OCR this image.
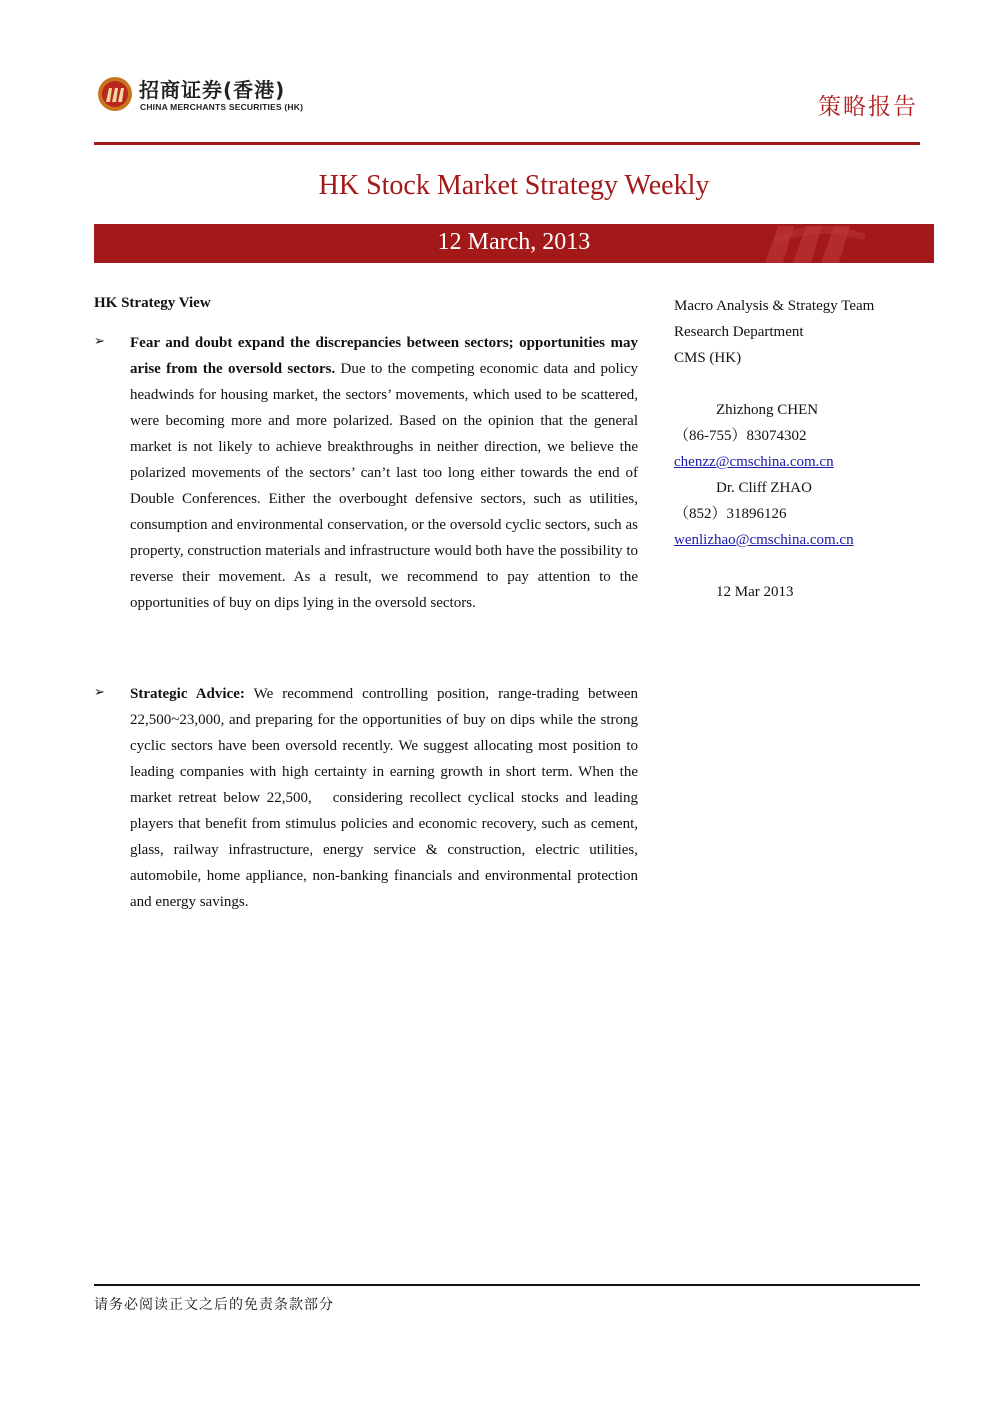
招商证券(香港)
CHINA MERCHANTS SECURITIES (HK)	策略报告
HK Stock Market Strategy Weekly
12 March, 2013
HK Strategy View
➢	Fear and doubt expand the discrepancies between sectors; opportunities may arise from the oversold sectors. Due to the competing economic data and policy headwinds for housing market, the sectors’ movements, which used to be scattered, were becoming more and more polarized. Based on the opinion that the general market is not likely to achieve breakthroughs in neither direction, we believe the polarized movements of the sectors’ can’t last too long either towards the end of Double Conferences. Either the overbought defensive sectors, such as utilities, consumption and environmental conservation, or the oversold cyclic sectors, such as property, construction materials and infrastructure would both have the possibility to reverse their movement. As a result, we recommend to pay attention to the opportunities of buy on dips lying in the oversold sectors.
➢	Strategic Advice: We recommend controlling position, range-trading between 22,500~23,000, and preparing for the opportunities of buy on dips while the strong cyclic sectors have been oversold recently. We suggest allocating most position to leading companies with high certainty in earning growth in short term. When the market retreat below 22,500,　considering recollect cyclical stocks and leading players that benefit from stimulus policies and economic recovery, such as cement, glass, railway infrastructure, energy service & construction, electric utilities, automobile, home appliance, non-banking financials and environmental protection and energy savings.
Macro Analysis & Strategy Team
Research Department
CMS (HK)
Zhizhong CHEN
（86-755）83074302
chenzz@cmschina.com.cn
Dr. Cliff ZHAO
（852）31896126
wenlizhao@cmschina.com.cn
12 Mar 2013
请务必阅读正文之后的免责条款部分
